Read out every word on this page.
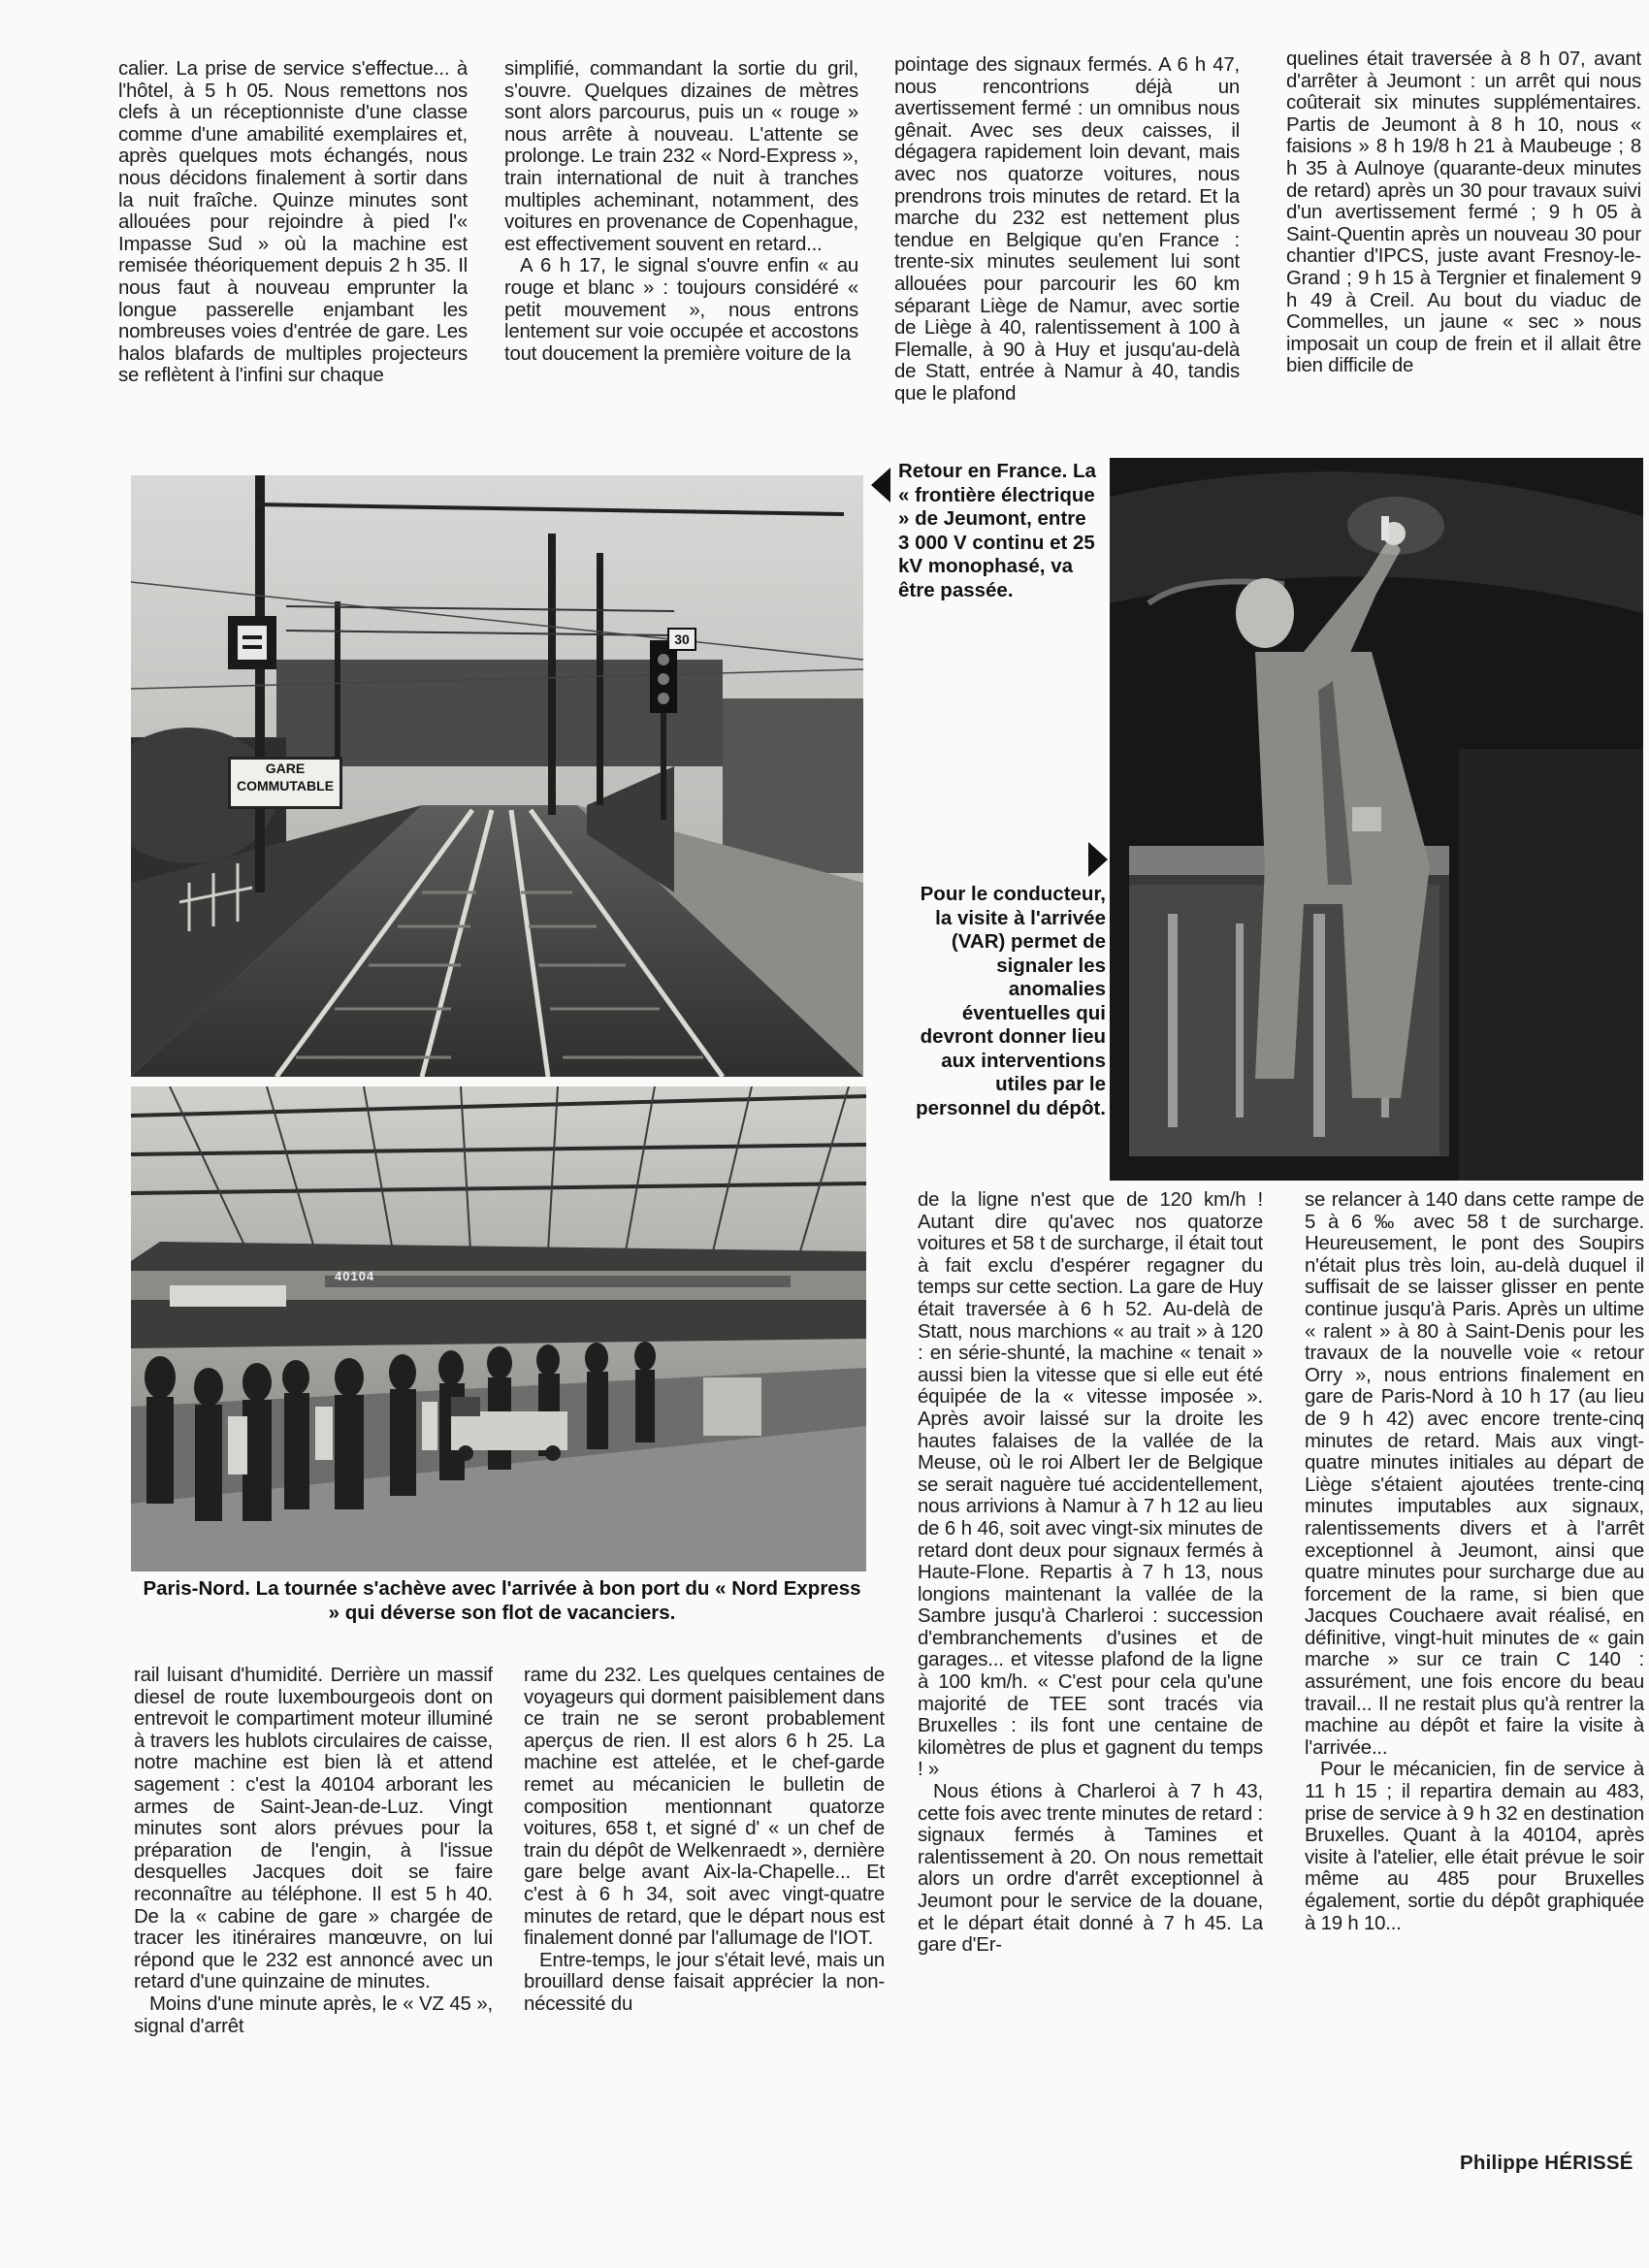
calier. La prise de service s'effectue... à l'hôtel, à 5 h 05. Nous remettons nos clefs à un réceptionniste d'une classe comme d'une amabilité exemplaires et, après quelques mots échangés, nous nous décidons finalement à sortir dans la nuit fraîche. Quinze minutes sont allouées pour rejoindre à pied l'« Impasse Sud » où la machine est remisée théoriquement depuis 2 h 35. Il nous faut à nouveau emprunter la longue passerelle enjambant les nombreuses voies d'entrée de gare. Les halos blafards de multiples projecteurs se reflètent à l'infini sur chaque

simplifié, commandant la sortie du gril, s'ouvre. Quelques dizaines de mètres sont alors parcourus, puis un « rouge » nous arrête à nouveau. L'attente se prolonge. Le train 232 « Nord-Express », train international de nuit à tranches multiples acheminant, notamment, des voitures en provenance de Copenhague, est effectivement souvent en retard...

A 6 h 17, le signal s'ouvre enfin « au rouge et blanc » : toujours considéré « petit mouvement », nous entrons lentement sur voie occupée et accostons tout doucement la première voiture de la

pointage des signaux fermés. A 6 h 47, nous rencontrions déjà un avertissement fermé : un omnibus nous gênait. Avec ses deux caisses, il dégagera rapidement loin devant, mais avec nos quatorze voitures, nous prendrons trois minutes de retard. Et la marche du 232 est nettement plus tendue en Belgique qu'en France : trente-six minutes seulement lui sont allouées pour parcourir les 60 km séparant Liège de Namur, avec sortie de Liège à 40, ralentissement à 100 à Flemalle, à 90 à Huy et jusqu'au-delà de Statt, entrée à Namur à 40, tandis que le plafond

quelines était traversée à 8 h 07, avant d'arrêter à Jeumont : un arrêt qui nous coûterait six minutes supplémentaires. Partis de Jeumont à 8 h 10, nous « faisions » 8 h 19/8 h 21 à Maubeuge ; 8 h 35 à Aulnoye (quarante-deux minutes de retard) après un 30 pour travaux suivi d'un avertissement fermé ; 9 h 05 à Saint-Quentin après un nouveau 30 pour chantier d'IPCS, juste avant Fresnoy-le-Grand ; 9 h 15 à Tergnier et finalement 9 h 49 à Creil. Au bout du viaduc de Commelles, un jaune « sec » nous imposait un coup de frein et il allait être bien difficile de

GARE
COMMUTABLE
30
Retour en France. La « frontière électrique » de Jeumont, entre 3 000 V continu et 25 kV monophasé, va être passée.
Pour le conducteur, la visite à l'arrivée (VAR) permet de signaler les anomalies éventuelles qui devront donner lieu aux interventions utiles par le personnel du dépôt.
40104
Paris-Nord. La tournée s'achève avec l'arrivée à bon port du « Nord Express » qui déverse son flot de vacanciers.

de la ligne n'est que de 120 km/h ! Autant dire qu'avec nos quatorze voitures et 58 t de surcharge, il était tout à fait exclu d'espérer regagner du temps sur cette section. La gare de Huy était traversée à 6 h 52. Au-delà de Statt, nous marchions « au trait » à 120 : en série-shunté, la machine « tenait » aussi bien la vitesse que si elle eut été équipée de la « vitesse imposée ». Après avoir laissé sur la droite les hautes falaises de la vallée de la Meuse, où le roi Albert Ier de Belgique se serait naguère tué accidentellement, nous arrivions à Namur à 7 h 12 au lieu de 6 h 46, soit avec vingt-six minutes de retard dont deux pour signaux fermés à Haute-Flone. Repartis à 7 h 13, nous longions maintenant la vallée de la Sambre jusqu'à Charleroi : succession d'embranchements d'usines et de garages... et vitesse plafond de la ligne à 100 km/h. « C'est pour cela qu'une majorité de TEE sont tracés via Bruxelles : ils font une centaine de kilomètres de plus et gagnent du temps ! »

Nous étions à Charleroi à 7 h 43, cette fois avec trente minutes de retard : signaux fermés à Tamines et ralentissement à 20. On nous remettait alors un ordre d'arrêt exceptionnel à Jeumont pour le service de la douane, et le départ était donné à 7 h 45. La gare d'Er-

se relancer à 140 dans cette rampe de 5 à 6 ‰ avec 58 t de surcharge. Heureusement, le pont des Soupirs n'était plus très loin, au-delà duquel il suffisait de se laisser glisser en pente continue jusqu'à Paris. Après un ultime « ralent » à 80 à Saint-Denis pour les travaux de la nouvelle voie « retour Orry », nous entrions finalement en gare de Paris-Nord à 10 h 17 (au lieu de 9 h 42) avec encore trente-cinq minutes de retard. Mais aux vingt-quatre minutes initiales au départ de Liège s'étaient ajoutées trente-cinq minutes imputables aux signaux, ralentissements divers et à l'arrêt exceptionnel à Jeumont, ainsi que quatre minutes pour surcharge due au forcement de la rame, si bien que Jacques Couchaere avait réalisé, en définitive, vingt-huit minutes de « gain marche » sur ce train C 140 : assurément, une fois encore du beau travail... Il ne restait plus qu'à rentrer la machine au dépôt et faire la visite à l'arrivée...

Pour le mécanicien, fin de service à 11 h 15 ; il repartira demain au 483, prise de service à 9 h 32 en destination Bruxelles. Quant à la 40104, après visite à l'atelier, elle était prévue le soir même au 485 pour Bruxelles également, sortie du dépôt graphiquée à 19 h 10...

rail luisant d'humidité. Derrière un massif diesel de route luxembourgeois dont on entrevoit le compartiment moteur illuminé à travers les hublots circulaires de caisse, notre machine est bien là et attend sagement : c'est la 40104 arborant les armes de Saint-Jean-de-Luz. Vingt minutes sont alors prévues pour la préparation de l'engin, à l'issue desquelles Jacques doit se faire reconnaître au téléphone. Il est 5 h 40. De la « cabine de gare » chargée de tracer les itinéraires manœuvre, on lui répond que le 232 est annoncé avec un retard d'une quinzaine de minutes.

Moins d'une minute après, le « VZ 45 », signal d'arrêt

rame du 232. Les quelques centaines de voyageurs qui dorment paisiblement dans ce train ne se seront probablement aperçus de rien. Il est alors 6 h 25. La machine est attelée, et le chef-garde remet au mécanicien le bulletin de composition mentionnant quatorze voitures, 658 t, et signé d' « un chef de train du dépôt de Welkenraedt », dernière gare belge avant Aix-la-Chapelle... Et c'est à 6 h 34, soit avec vingt-quatre minutes de retard, que le départ nous est finalement donné par l'allumage de l'IOT.

Entre-temps, le jour s'était levé, mais un brouillard dense faisait apprécier la non-nécessité du

Philippe HÉRISSÉ
